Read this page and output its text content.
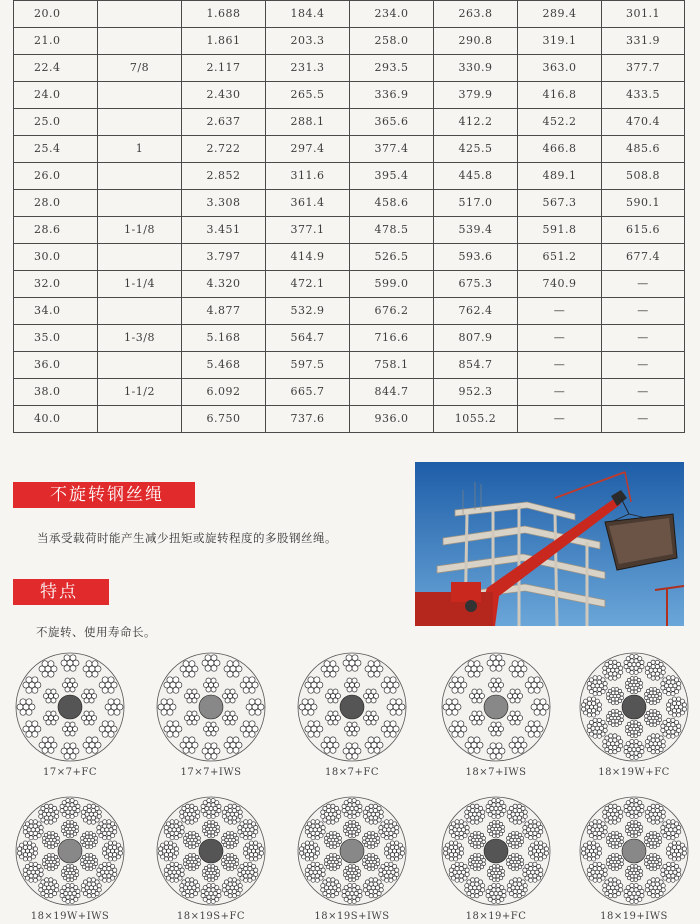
20.0		1.688	184.4	234.0	263.8	289.4	301.1
21.0		1.861	203.3	258.0	290.8	319.1	331.9
22.4	7/8	2.117	231.3	293.5	330.9	363.0	377.7
24.0		2.430	265.5	336.9	379.9	416.8	433.5
25.0		2.637	288.1	365.6	412.2	452.2	470.4
25.4	1	2.722	297.4	377.4	425.5	466.8	485.6
26.0		2.852	311.6	395.4	445.8	489.1	508.8
28.0		3.308	361.4	458.6	517.0	567.3	590.1
28.6	1-1/8	3.451	377.1	478.5	539.4	591.8	615.6
30.0		3.797	414.9	526.5	593.6	651.2	677.4
32.0	1-1/4	4.320	472.1	599.0	675.3	740.9	—
34.0		4.877	532.9	676.2	762.4	—	—
35.0	1-3/8	5.168	564.7	716.6	807.9	—	—
36.0		5.468	597.5	758.1	854.7	—	—
38.0	1-1/2	6.092	665.7	844.7	952.3	—	—
40.0		6.750	737.6	936.0	1055.2	—	—
不旋转钢丝绳
当承受载荷时能产生减少扭矩或旋转程度的多股钢丝绳。
特点
不旋转、使用寿命长。
17×7+FC	17×7+IWS	18×7+FC	18×7+IWS	18×19W+FC
18×19W+IWS	18×19S+FC	18×19S+IWS	18×19+FC	18×19+IWS
